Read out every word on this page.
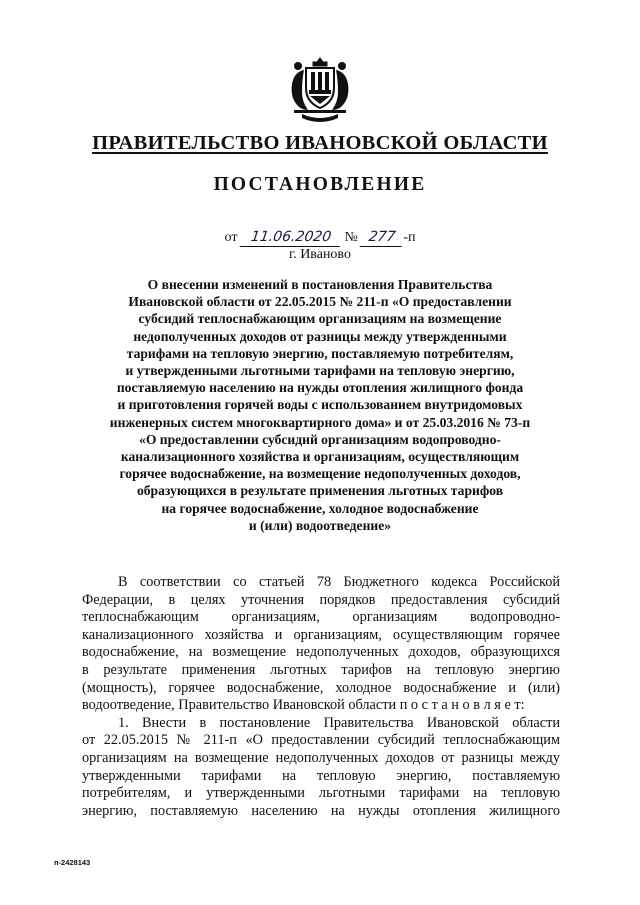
ПРАВИТЕЛЬСТВО ИВАНОВСКОЙ ОБЛАСТИ
ПОСТАНОВЛЕНИЕ
от 11.06.2020 № 277 -п
г. Иваново
О внесении изменений в постановления Правительства
Ивановской области от 22.05.2015 № 211-п «О предоставлении
субсидий теплоснабжающим организациям на возмещение
недополученных доходов от разницы между утвержденными
тарифами на тепловую энергию, поставляемую потребителям,
и утвержденными льготными тарифами на тепловую энергию,
поставляемую населению на нужды отопления жилищного фонда
и приготовления горячей воды с использованием внутридомовых
инженерных систем многоквартирного дома» и от 25.03.2016 № 73-п
«О предоставлении субсидий организациям водопроводно-
канализационного хозяйства и организациям, осуществляющим
горячее водоснабжение, на возмещение недополученных доходов,
образующихся в результате применения льготных тарифов
на горячее водоснабжение, холодное водоснабжение
и (или) водоотведение»
В соответствии со статьей 78 Бюджетного кодекса Российской
Федерации, в целях уточнения порядков предоставления субсидий
теплоснабжающим организациям, организациям водопроводно-
канализационного хозяйства и организациям, осуществляющим горячее
водоснабжение, на возмещение недополученных доходов, образующихся
в результате применения льготных тарифов на тепловую энергию
(мощность), горячее водоснабжение, холодное водоснабжение и (или)
водоотведение, Правительство Ивановской области п о с т а н о в л я е т:
1. Внести в постановление Правительства Ивановской области
от 22.05.2015 № 211-п «О предоставлении субсидий теплоснабжающим
организациям на возмещение недополученных доходов от разницы между
утвержденными тарифами на тепловую энергию, поставляемую
потребителям, и утвержденными льготными тарифами на тепловую
энергию, поставляемую населению на нужды отопления жилищного
п-2428143
